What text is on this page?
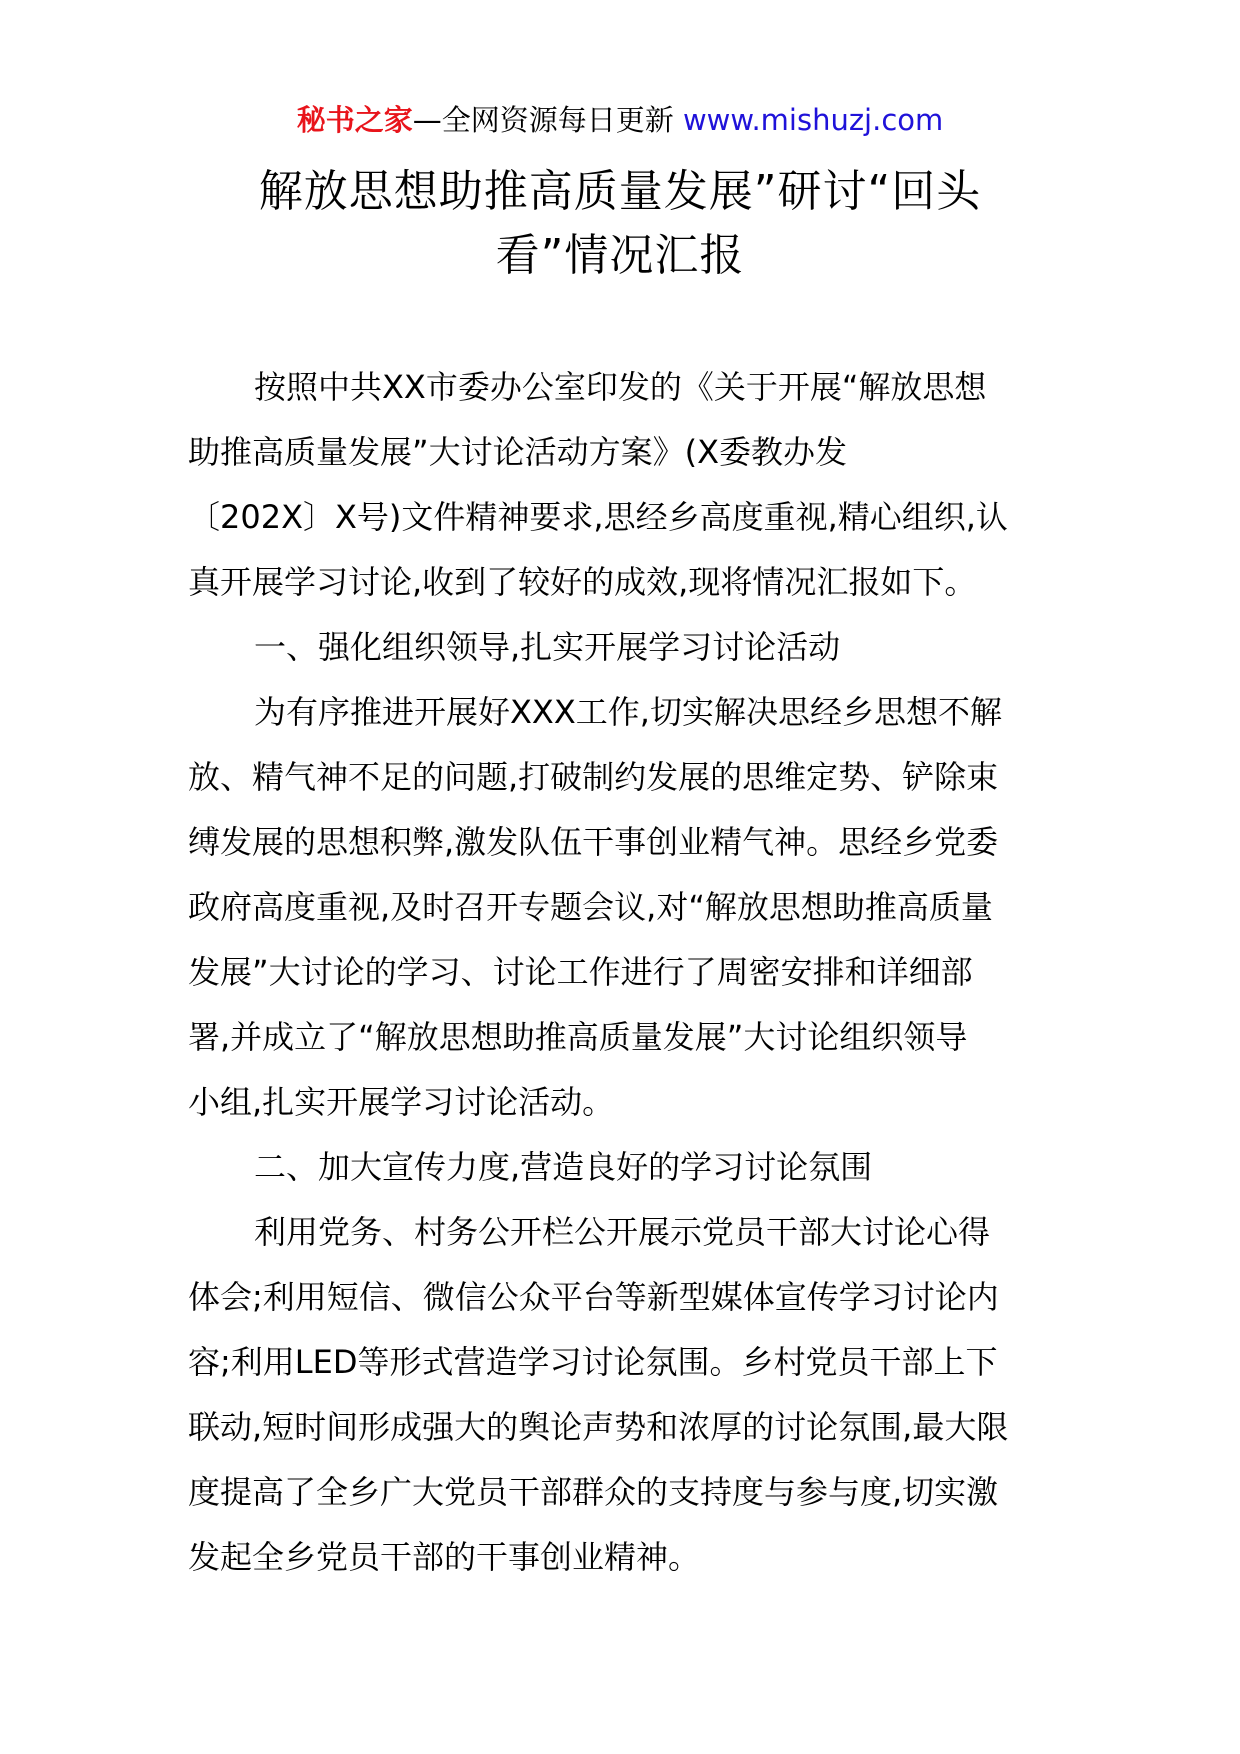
秘书之家—全网资源每日更新 www.mishuzj.com
解放思想助推高质量发展”研讨“回头
看”情况汇报

按照中共XX市委办公室印发的《关于开展“解放思想
助推高质量发展”大讨论活动方案》(X委教办发
〔202X〕X号)文件精神要求,思经乡高度重视,精心组织,认
真开展学习讨论,收到了较好的成效,现将情况汇报如下。

一、强化组织领导,扎实开展学习讨论活动

为有序推进开展好XXX工作,切实解决思经乡思想不解
放、精气神不足的问题,打破制约发展的思维定势、铲除束
缚发展的思想积弊,激发队伍干事创业精气神。思经乡党委
政府高度重视,及时召开专题会议,对“解放思想助推高质量
发展”大讨论的学习、讨论工作进行了周密安排和详细部
署,并成立了“解放思想助推高质量发展”大讨论组织领导
小组,扎实开展学习讨论活动。

二、加大宣传力度,营造良好的学习讨论氛围

利用党务、村务公开栏公开展示党员干部大讨论心得
体会;利用短信、微信公众平台等新型媒体宣传学习讨论内
容;利用LED等形式营造学习讨论氛围。乡村党员干部上下
联动,短时间形成强大的舆论声势和浓厚的讨论氛围,最大限
度提高了全乡广大党员干部群众的支持度与参与度,切实激
发起全乡党员干部的干事创业精神。
